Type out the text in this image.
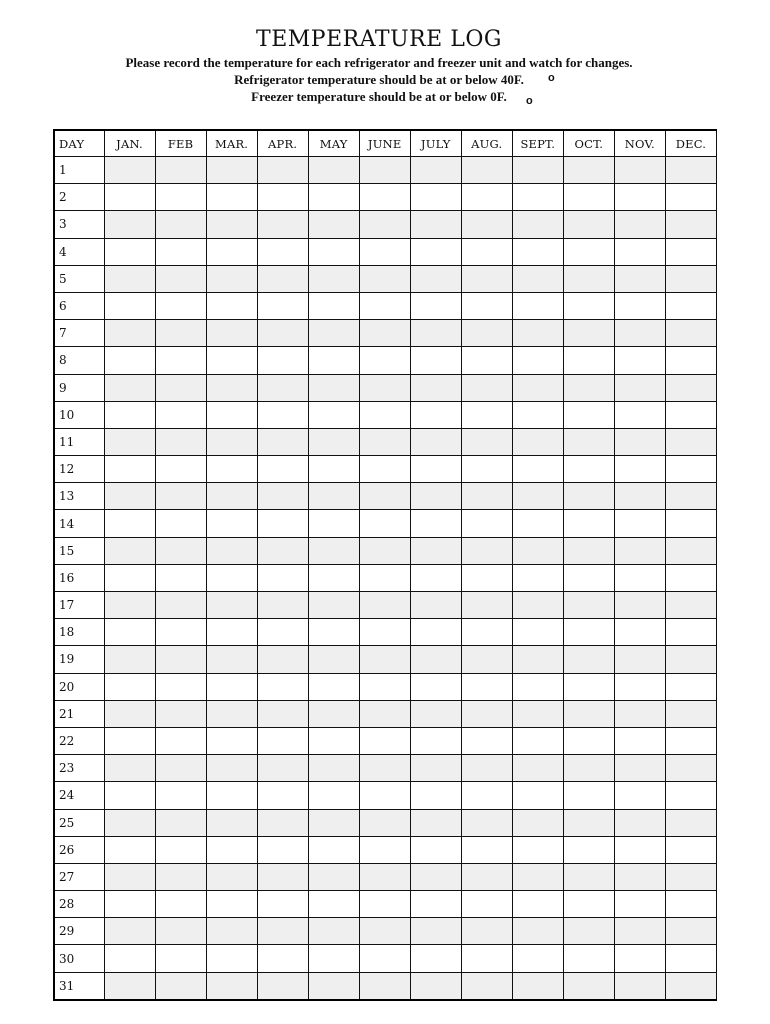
TEMPERATURE LOG
Please record the temperature for each refrigerator and freezer unit and watch for changes.
Refrigerator temperature should be at or below 40F.
Freezer temperature should be at or below 0F.
o
o
DAY	JAN.	FEB	MAR.	APR.	MAY	JUNE	JULY	AUG.	SEPT.	OCT.	NOV.	DEC.
1												
2												
3												
4												
5												
6												
7												
8												
9												
10												
11												
12												
13												
14												
15												
16												
17												
18												
19												
20												
21												
22												
23												
24												
25												
26												
27												
28												
29												
30												
31												
